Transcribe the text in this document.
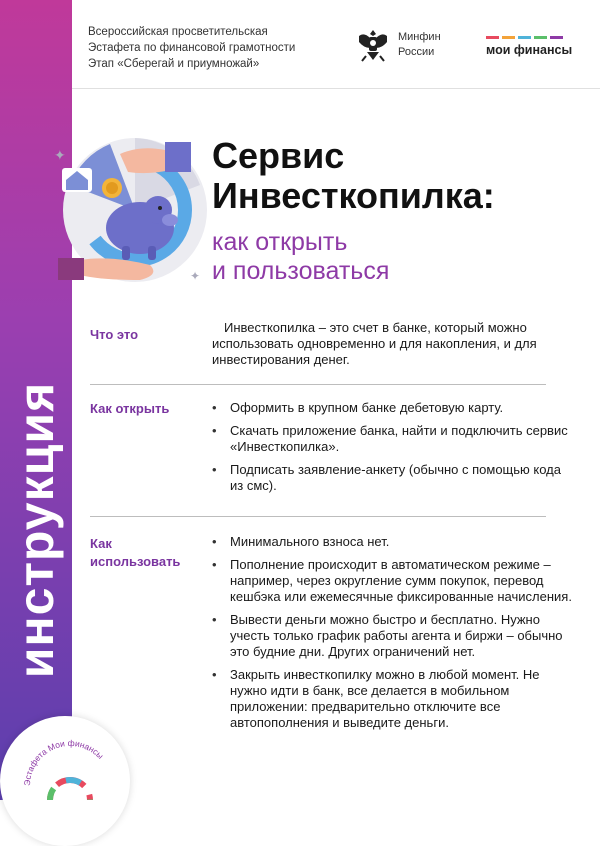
инструкция
Всероссийская просветительская
Эстафета по финансовой грамотности
Этап «Сберегай и приумножай»
Минфин
России	мои финансы
✦
✦
Сервис
Инвесткопилка:
как открыть
и пользоваться
Что это	Инвесткопилка – это счет в банке, который можно использовать одновременно и для накопления, и для инвестирования денег.
Как открыть
•	Оформить в крупном банке дебетовую карту.
• Скачать приложение банка, найти и подключить сервис «Инвесткопилка».
• Подписать заявление-анкету (обычно с помощью кода из смс).
Как
использовать
• Минимального взноса нет.
• Пополнение происходит в автоматическом режиме – например, через округление сумм покупок, перевод кешбэка или ежемесячные фиксированные начисления.
• Вывести деньги можно быстро и бесплатно. Нужно учесть только график работы агента и биржи – обычно это будние дни. Других ограничений нет.
• Закрыть инвесткопилку можно в любой момент. Не нужно идти в банк, все делается в мобильном приложении: предварительно отключите все автопополнения и выведите деньги.
Эстафета Мои финансы
